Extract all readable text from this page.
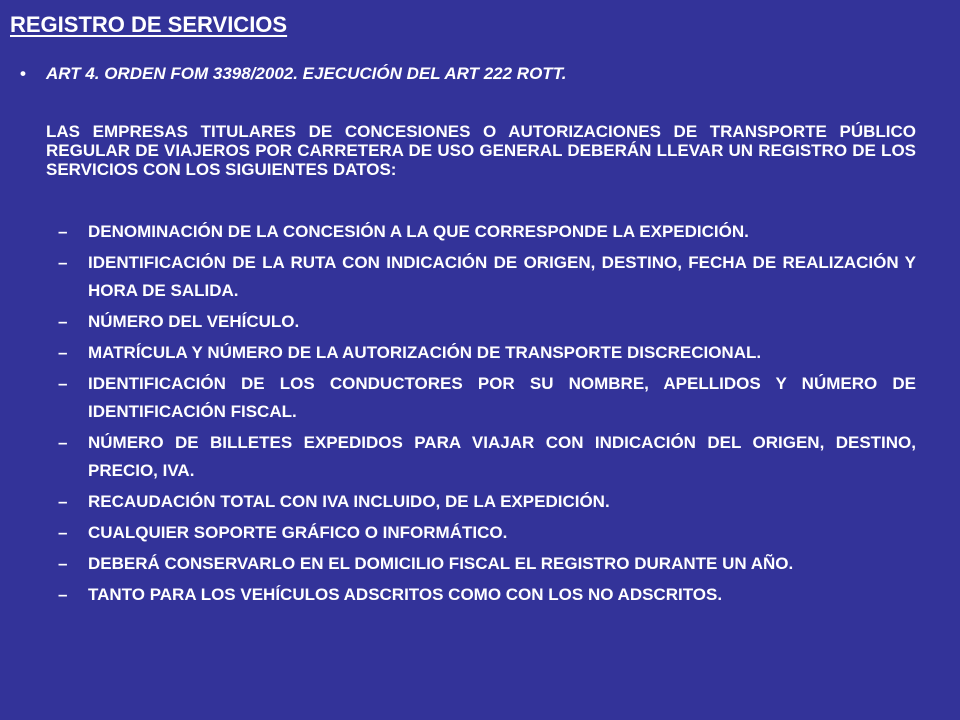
REGISTRO DE SERVICIOS
• ART 4. ORDEN FOM 3398/2002. EJECUCIÓN DEL ART 222 ROTT.
LAS EMPRESAS TITULARES DE CONCESIONES O AUTORIZACIONES DE TRANSPORTE PÚBLICO REGULAR DE VIAJEROS POR CARRETERA DE USO GENERAL DEBERÁN LLEVAR UN REGISTRO DE LOS SERVICIOS CON LOS SIGUIENTES DATOS:
– DENOMINACIÓN DE LA CONCESIÓN A LA QUE CORRESPONDE LA EXPEDICIÓN.
– IDENTIFICACIÓN DE LA RUTA CON INDICACIÓN DE ORIGEN, DESTINO, FECHA DE REALIZACIÓN Y HORA DE SALIDA.
– NÚMERO DEL VEHÍCULO.
– MATRÍCULA Y NÚMERO DE LA AUTORIZACIÓN DE TRANSPORTE DISCRECIONAL.
– IDENTIFICACIÓN DE LOS CONDUCTORES POR SU NOMBRE, APELLIDOS Y NÚMERO DE IDENTIFICACIÓN FISCAL.
– NÚMERO DE BILLETES EXPEDIDOS PARA VIAJAR CON INDICACIÓN DEL ORIGEN, DESTINO, PRECIO, IVA.
– RECAUDACIÓN TOTAL CON IVA INCLUIDO, DE LA EXPEDICIÓN.
– CUALQUIER SOPORTE GRÁFICO O INFORMÁTICO.
– DEBERÁ CONSERVARLO EN EL DOMICILIO FISCAL EL REGISTRO DURANTE UN AÑO.
– TANTO PARA LOS VEHÍCULOS ADSCRITOS COMO CON LOS NO ADSCRITOS.
